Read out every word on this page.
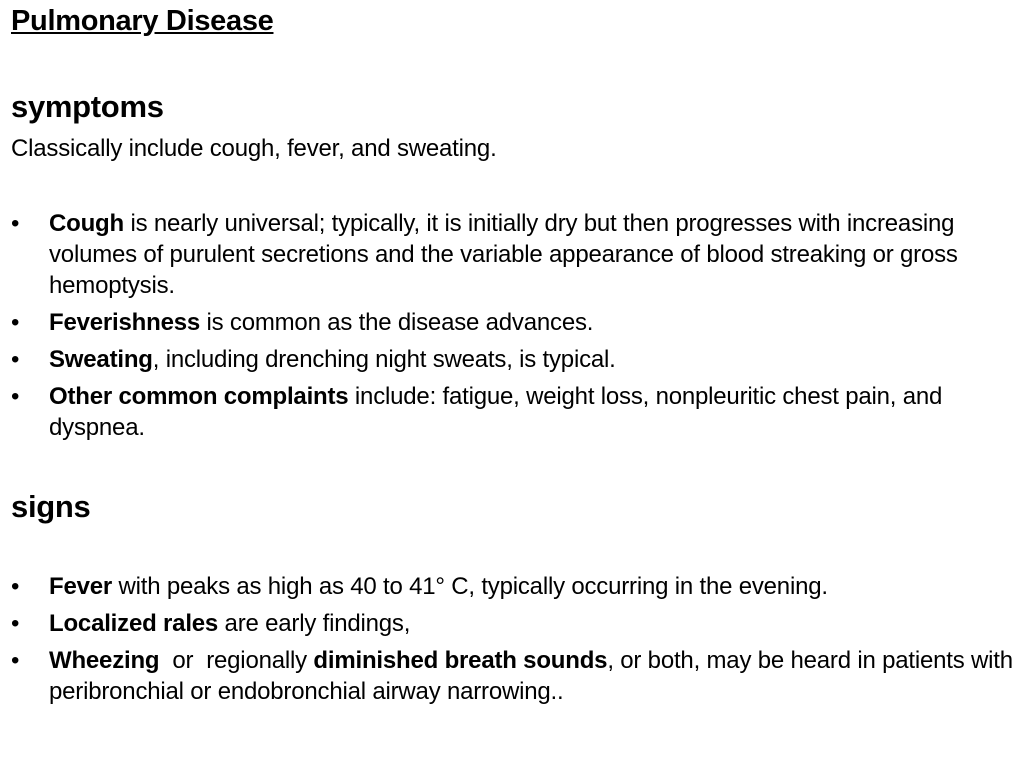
Pulmonary Disease
symptoms
Classically include cough, fever, and sweating.
•	Cough is nearly universal; typically, it is initially dry but then progresses with increasing volumes of purulent secretions and the variable appearance of blood streaking or gross hemoptysis.
•	Feverishness is common as the disease advances.
•	Sweating, including drenching night sweats, is typical.
•	Other common complaints include: fatigue, weight loss, nonpleuritic chest pain, and dyspnea.
signs
•	Fever with peaks as high as 40 to 41° C, typically occurring in the evening.
•	Localized rales are early findings,
•	Wheezing  or  regionally diminished breath sounds, or both, may be heard in patients with peribronchial or endobronchial airway narrowing..
